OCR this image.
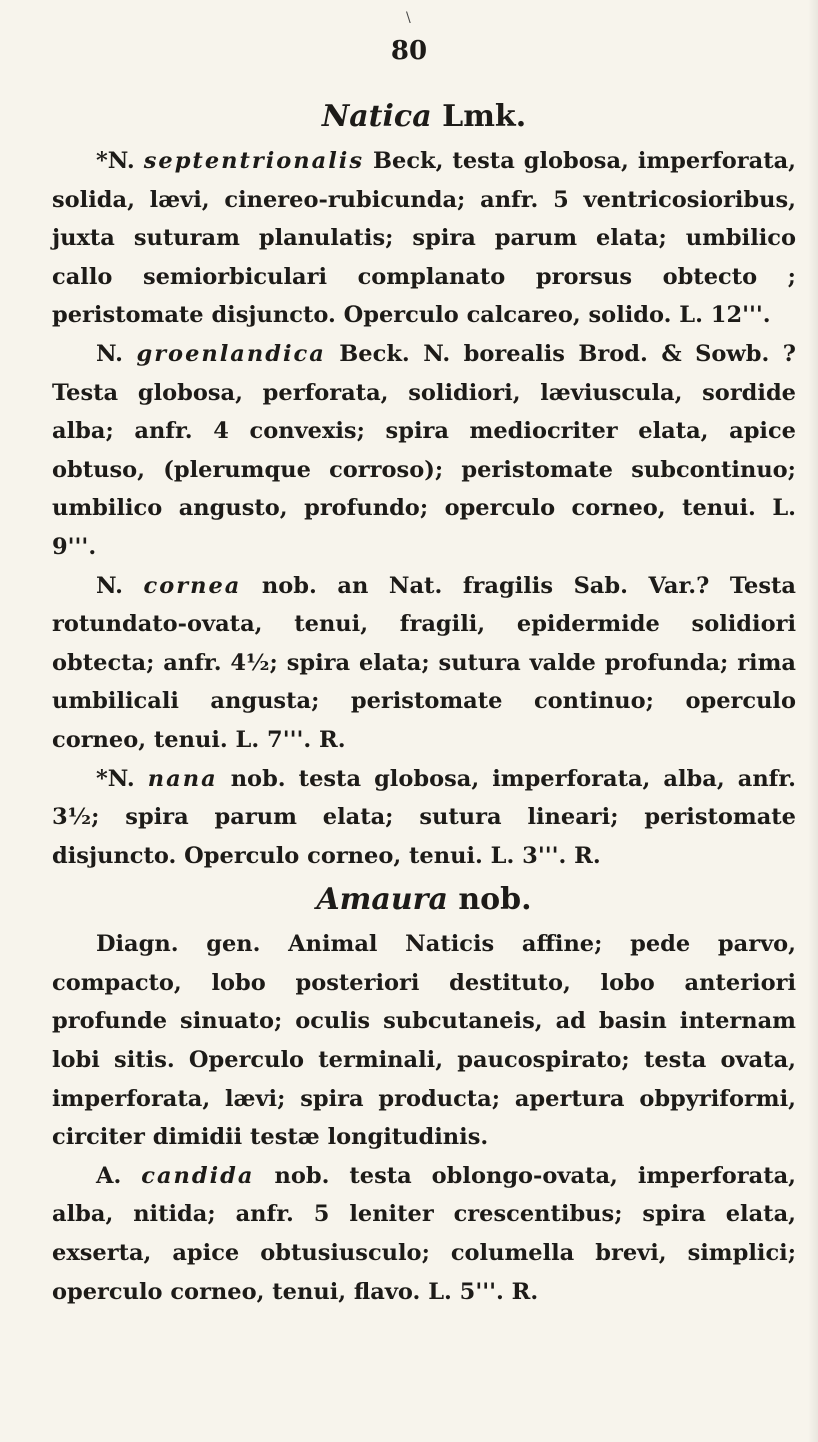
\
80

Natica Lmk.

*N. septentrionalis Beck, testa globosa, imperforata, solida, lævi, cinereo-rubicunda; anfr. 5 ventricosioribus, juxta suturam planulatis; spira parum elata; umbilico callo semiorbiculari complanato prorsus obtecto ; peristomate disjuncto. Operculo calcareo, solido. L. 12'''.

N. groenlandica Beck. N. borealis Brod. & Sowb. ? Testa globosa, perforata, solidiori, læviuscula, sordide alba; anfr. 4 convexis; spira mediocriter elata, apice obtuso, (plerumque corroso); peristomate subcontinuo; umbilico angusto, profundo; operculo corneo, tenui. L. 9'''.

N. cornea nob. an Nat. fragilis Sab. Var.? Testa rotundato-ovata, tenui, fragili, epidermide solidiori obtecta; anfr. 4½; spira elata; sutura valde profunda; rima umbilicali angusta; peristomate continuo; operculo corneo, tenui. L. 7'''. R.

*N. nana nob. testa globosa, imperforata, alba, anfr. 3½; spira parum elata; sutura lineari; peristomate disjuncto. Operculo corneo, tenui. L. 3'''. R.

Amaura nob.

Diagn. gen. Animal Naticis affine; pede parvo, compacto, lobo posteriori destituto, lobo anteriori profunde sinuato; oculis subcutaneis, ad basin internam lobi sitis. Operculo terminali, paucospirato; testa ovata, imperforata, lævi; spira producta; apertura obpyriformi, circiter dimidii testæ longitudinis.

A. candida nob. testa oblongo-ovata, imperforata, alba, nitida; anfr. 5 leniter crescentibus; spira elata, exserta, apice obtusiusculo; columella brevi, simplici; operculo corneo, tenui, flavo. L. 5'''. R.
